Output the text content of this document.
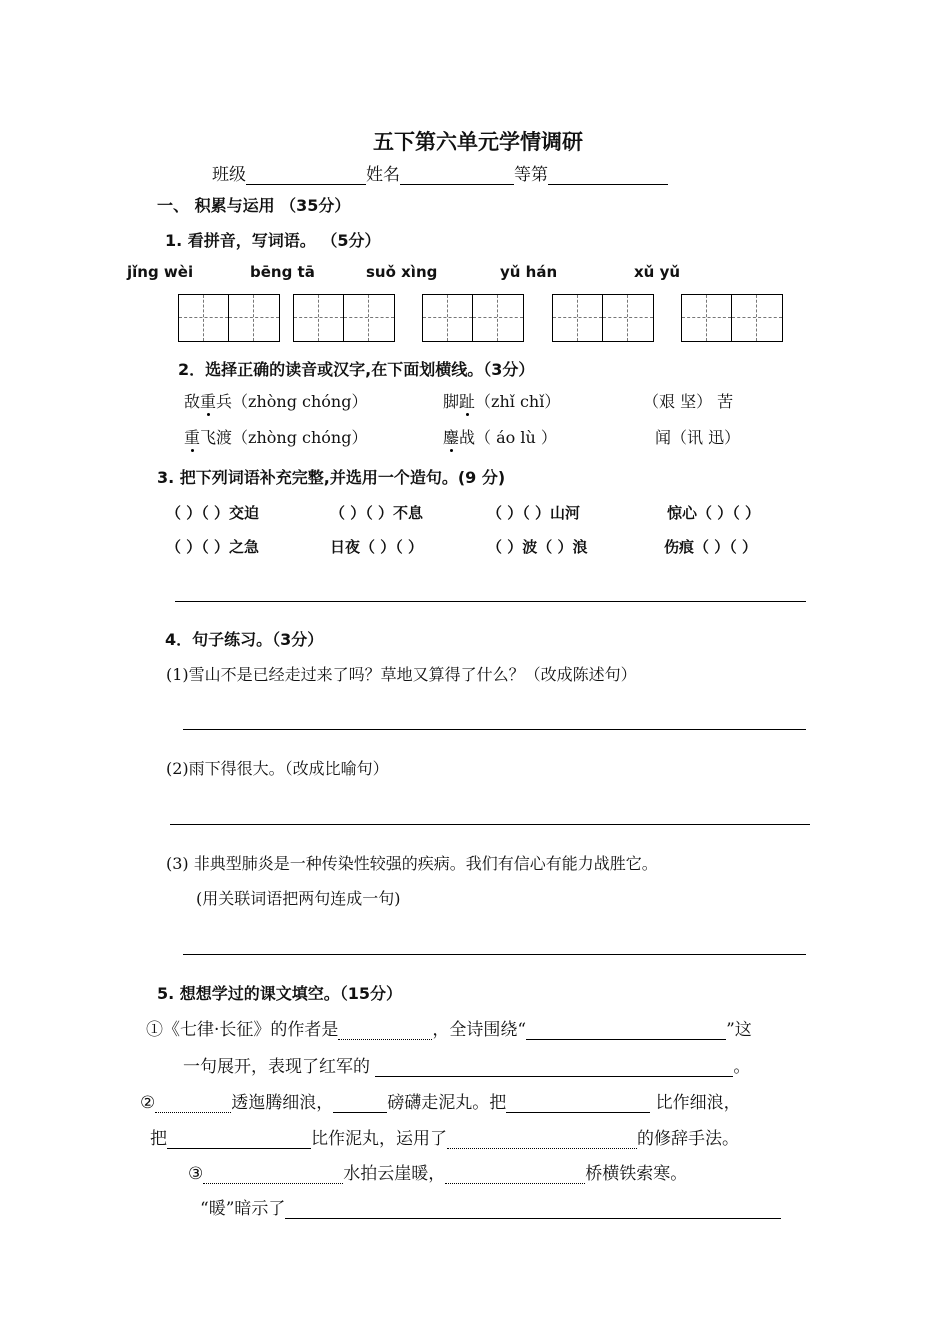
五下第六单元学情调研
班级	姓名	等第
一、 积累与运用 （35分）
1. 看拼音，写词语。 （5分）
jǐng wèi	bēng tā	suǒ xìng	yǔ hán	xǔ yǔ
2．选择正确的读音或汉字,在下面划横线。（3分）
敌重兵（zhòng chóng）	脚趾（zhǐ chǐ）	（艰 坚） 苦
重飞渡（zhòng chóng）	鏖战（ áo lù ）	闻（讯 迅）
3. 把下列词语补充完整,并选用一个造句。(9 分)
（ ）（ ）交迫	（ ）（ ）不息	（ ）（ ）山河	惊心（ ）（ ）
（ ）（ ）之急	日夜（ ）（ ）	（ ）波（ ）浪	伤痕（ ）（ ）
4．句子练习。（3分）
(1)雪山不是已经走过来了吗？草地又算得了什么？（改成陈述句）
(2)雨下得很大。（改成比喻句）
(3) 非典型肺炎是一种传染性较强的疾病。我们有信心有能力战胜它。
(用关联词语把两句连成一句)
5. 想想学过的课文填空。（15分）
①《七律·长征》的作者是	，全诗围绕“	”这
一句展开，表现了红军的	。
②	透迤腾细浪，	磅礴走泥丸。把	比作细浪，
把	比作泥丸，运用了	的修辞手法。
③	水拍云崖暖，	桥横铁索寒。
“暖”暗示了
